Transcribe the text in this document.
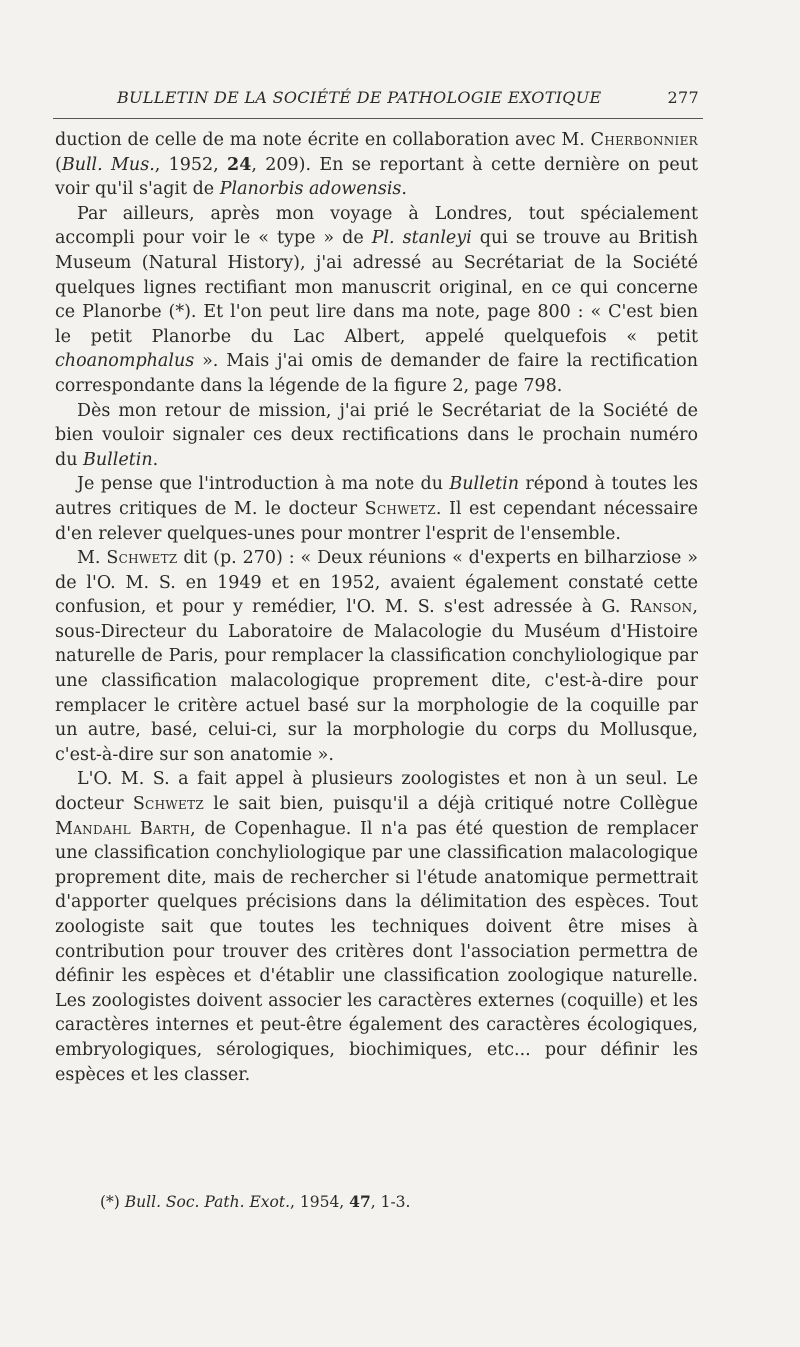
BULLETIN DE LA SOCIÉTÉ DE PATHOLOGIE EXOTIQUE	277

duction de celle de ma note écrite en collaboration avec M. Cherbonnier (Bull. Mus., 1952, 24, 209). En se reportant à cette dernière on peut voir qu'il s'agit de Planorbis adowensis.

Par ailleurs, après mon voyage à Londres, tout spécialement accompli pour voir le « type » de Pl. stanleyi qui se trouve au British Museum (Natural History), j'ai adressé au Secrétariat de la Société quelques lignes rectifiant mon manuscrit original, en ce qui concerne ce Planorbe (*). Et l'on peut lire dans ma note, page 800 : « C'est bien le petit Planorbe du Lac Albert, appelé quelquefois « petit choanomphalus ». Mais j'ai omis de demander de faire la rectification correspondante dans la légende de la figure 2, page 798.

Dès mon retour de mission, j'ai prié le Secrétariat de la Société de bien vouloir signaler ces deux rectifications dans le prochain numéro du Bulletin.

Je pense que l'introduction à ma note du Bulletin répond à toutes les autres critiques de M. le docteur Schwetz. Il est cependant nécessaire d'en relever quelques-unes pour montrer l'esprit de l'ensemble.

M. Schwetz dit (p. 270) : « Deux réunions « d'experts en bilharziose » de l'O. M. S. en 1949 et en 1952, avaient également constaté cette confusion, et pour y remédier, l'O. M. S. s'est adressée à G. Ranson, sous-Directeur du Laboratoire de Malacologie du Muséum d'Histoire naturelle de Paris, pour remplacer la classification conchyliologique par une classification malacologique proprement dite, c'est-à-dire pour remplacer le critère actuel basé sur la morphologie de la coquille par un autre, basé, celui-ci, sur la morphologie du corps du Mollusque, c'est-à-dire sur son anatomie ».

L'O. M. S. a fait appel à plusieurs zoologistes et non à un seul. Le docteur Schwetz le sait bien, puisqu'il a déjà critiqué notre Collègue Mandahl Barth, de Copenhague. Il n'a pas été question de remplacer une classification conchyliologique par une classification malacologique proprement dite, mais de rechercher si l'étude anatomique permettrait d'apporter quelques précisions dans la délimitation des espèces. Tout zoologiste sait que toutes les techniques doivent être mises à contribution pour trouver des critères dont l'association permettra de définir les espèces et d'établir une classification zoologique naturelle. Les zoologistes doivent associer les caractères externes (coquille) et les caractères internes et peut-être également des caractères écologiques, embryologiques, sérologiques, biochimiques, etc... pour définir les espèces et les classer.

(*) Bull. Soc. Path. Exot., 1954, 47, 1-3.
